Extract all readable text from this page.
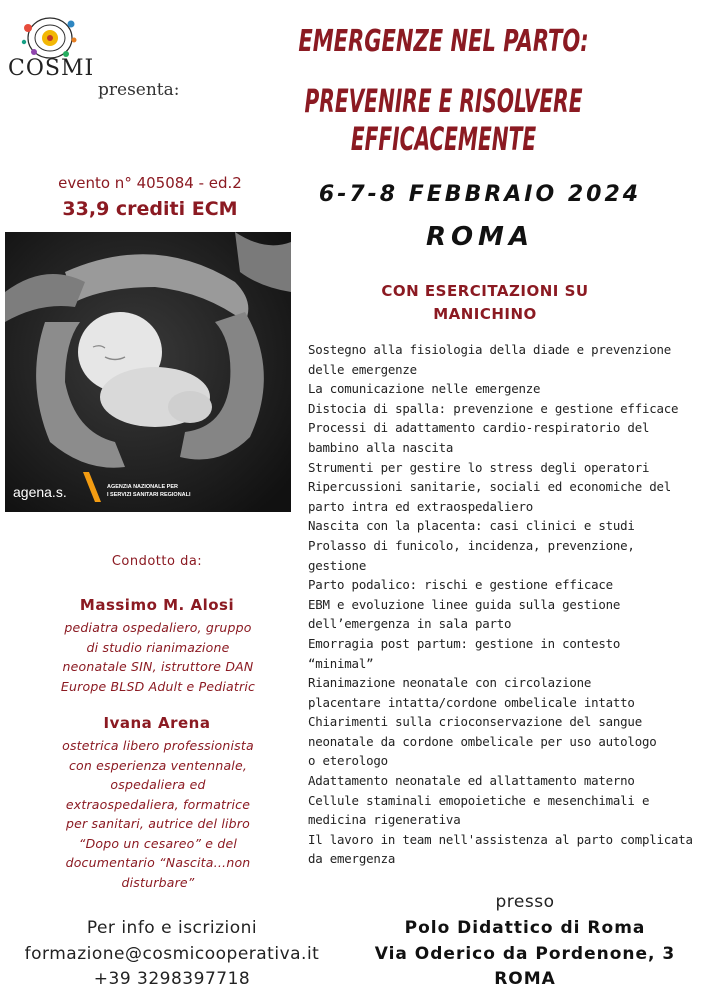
COSMI
presenta:
EMERGENZE NEL PARTO:
PREVENIRE E RISOLVERE EFFICACEMENTE
evento n° 405084 - ed.2
33,9 crediti ECM
agena.s.	AGENZIA NAZIONALE PER
I SERVIZI SANITARI REGIONALI
6-7-8 FEBBRAIO 2024
ROMA
CON ESERCITAZIONI SU
MANICHINO
Sostegno alla fisiologia della diade e prevenzione
delle emergenze
La comunicazione nelle emergenze
Distocia di spalla: prevenzione e gestione efficace
Processi di adattamento cardio-respiratorio del
bambino alla nascita
Strumenti per gestire lo stress degli operatori
Ripercussioni sanitarie, sociali ed economiche del
parto intra ed extraospedaliero
Nascita con la placenta: casi clinici e studi
Prolasso di funicolo, incidenza, prevenzione,
gestione
Parto podalico: rischi e gestione efficace
EBM e evoluzione linee guida sulla gestione
dell’emergenza in sala parto
Emorragia post partum: gestione in contesto
“minimal”
Rianimazione neonatale con circolazione
placentare intatta/cordone ombelicale intatto
Chiarimenti sulla crioconservazione del sangue
neonatale da cordone ombelicale per uso autologo
o eterologo
Adattamento neonatale ed allattamento materno
Cellule staminali emopoietiche e mesenchimali e
medicina rigenerativa
Il lavoro in team nell'assistenza al parto complicata
da emergenza
Condotto da:
Massimo M. Alosi
pediatra ospedaliero, gruppo
di studio rianimazione
neonatale SIN, istruttore DAN
Europe BLSD Adult e Pediatric
Ivana Arena
ostetrica libero professionista
con esperienza ventennale,
ospedaliera ed
extraospedaliera, formatrice
per sanitari, autrice del libro
“Dopo un cesareo” e del
documentario “Nascita…non
disturbare”
Per info e iscrizioni
formazione@cosmicooperativa.it
+39 3298397718
presso
Polo Didattico di Roma
Via Oderico da Pordenone, 3
ROMA
